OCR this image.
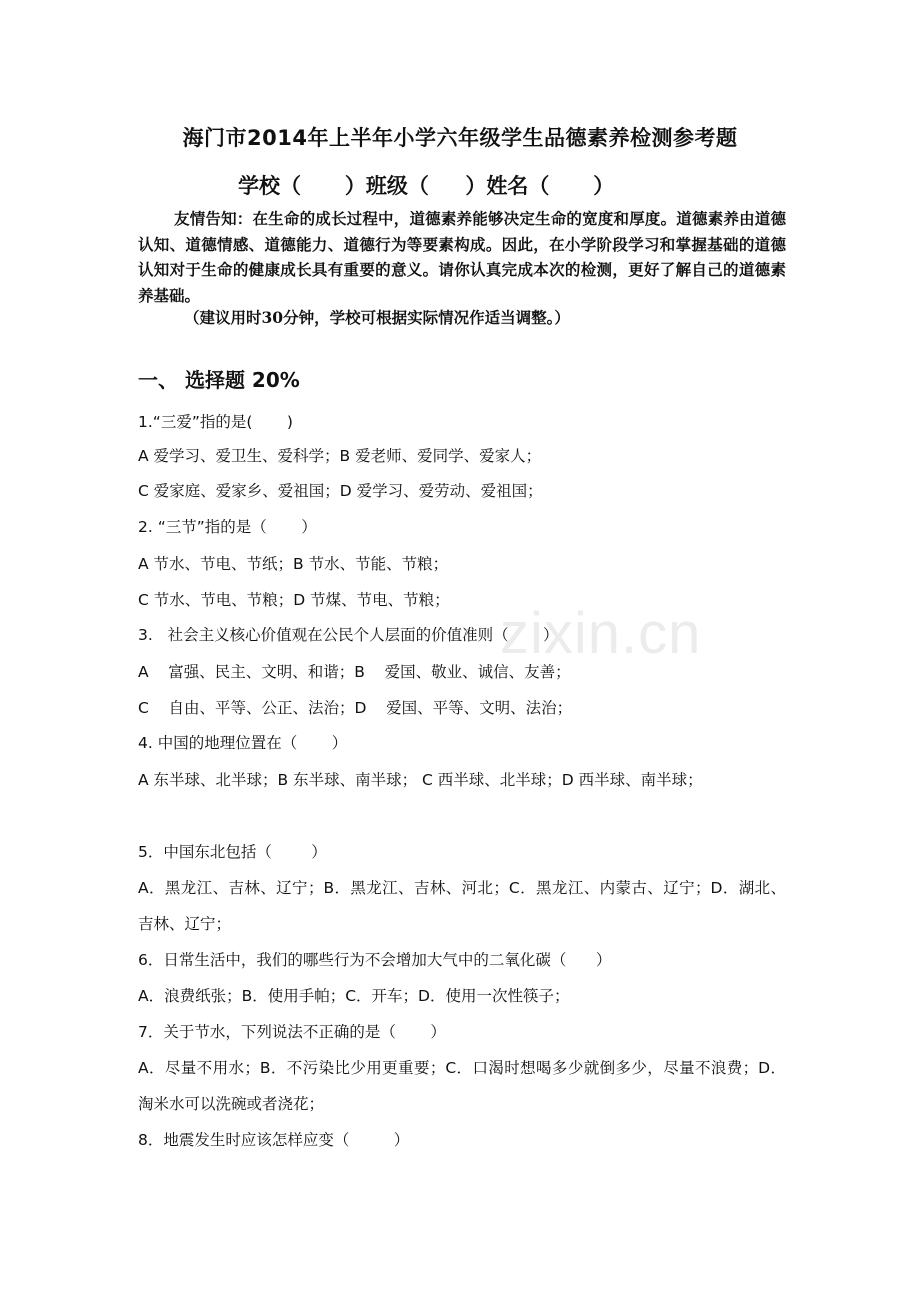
zixin.cn
海门市2014年上半年小学六年级学生品德素养检测参考题
学校（      ）班级（     ）姓名（      ）
友情告知：在生命的成长过程中，道德素养能够决定生命的宽度和厚度。道德素养由道德认知、道德情感、道德能力、道德行为等要素构成。因此，在小学阶段学习和掌握基础的道德认知对于生命的健康成长具有重要的意义。请你认真完成本次的检测，更好了解自己的道德素养基础。
（建议用时30分钟，学校可根据实际情况作适当调整。）
一、 选择题 20%
1.“三爱”指的是(       )
A 爱学习、爱卫生、爱科学；B 爱老师、爱同学、爱家人；
C 爱家庭、爱家乡、爱祖国；D 爱学习、爱劳动、爱祖国；
2. “三节”指的是（       ）
A 节水、节电、节纸；B 节水、节能、节粮；
C 节水、节电、节粮；D 节煤、节电、节粮；
3.   社会主义核心价值观在公民个人层面的价值准则（       ）
A    富强、民主、文明、和谐；B    爱国、敬业、诚信、友善；
C    自由、平等、公正、法治；D    爱国、平等、文明、法治；
4. 中国的地理位置在（       ）
A 东半球、北半球；B 东半球、南半球； C 西半球、北半球；D 西半球、南半球；
5．中国东北包括（        ）
A．黑龙江、吉林、辽宁；B．黑龙江、吉林、河北；C．黑龙江、内蒙古、辽宁；D．湖北、吉林、辽宁；
6．日常生活中，我们的哪些行为不会增加大气中的二氧化碳（      ）
A．浪费纸张；B．使用手帕；C．开车；D．使用一次性筷子；
7．关于节水，下列说法不正确的是（       ）
A．尽量不用水；B．不污染比少用更重要；C．口渴时想喝多少就倒多少，尽量不浪费；D．淘米水可以洗碗或者浇花；
8．地震发生时应该怎样应变（         ）
